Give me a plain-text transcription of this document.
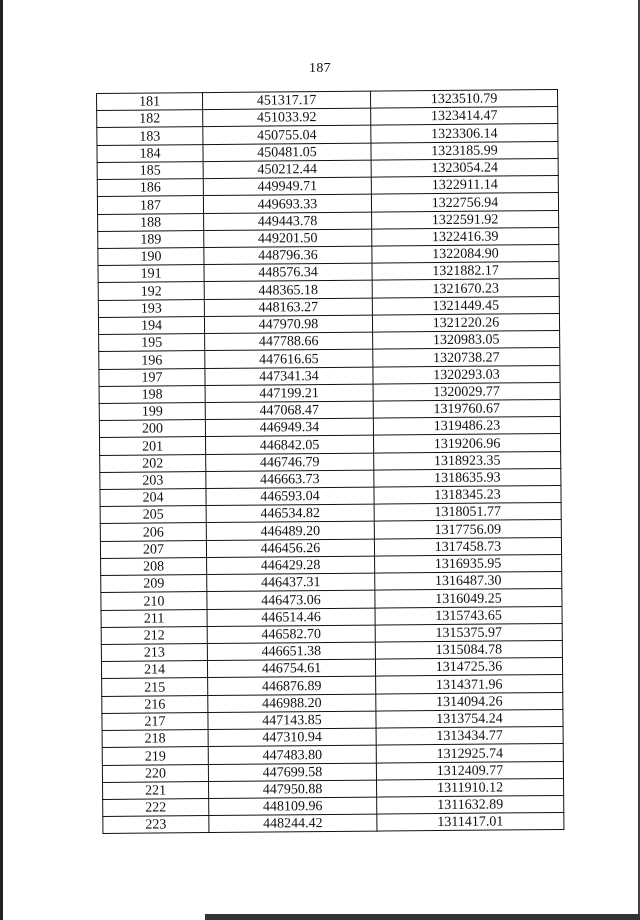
187
181	451317.17	1323510.79
182	451033.92	1323414.47
183	450755.04	1323306.14
184	450481.05	1323185.99
185	450212.44	1323054.24
186	449949.71	1322911.14
187	449693.33	1322756.94
188	449443.78	1322591.92
189	449201.50	1322416.39
190	448796.36	1322084.90
191	448576.34	1321882.17
192	448365.18	1321670.23
193	448163.27	1321449.45
194	447970.98	1321220.26
195	447788.66	1320983.05
196	447616.65	1320738.27
197	447341.34	1320293.03
198	447199.21	1320029.77
199	447068.47	1319760.67
200	446949.34	1319486.23
201	446842.05	1319206.96
202	446746.79	1318923.35
203	446663.73	1318635.93
204	446593.04	1318345.23
205	446534.82	1318051.77
206	446489.20	1317756.09
207	446456.26	1317458.73
208	446429.28	1316935.95
209	446437.31	1316487.30
210	446473.06	1316049.25
211	446514.46	1315743.65
212	446582.70	1315375.97
213	446651.38	1315084.78
214	446754.61	1314725.36
215	446876.89	1314371.96
216	446988.20	1314094.26
217	447143.85	1313754.24
218	447310.94	1313434.77
219	447483.80	1312925.74
220	447699.58	1312409.77
221	447950.88	1311910.12
222	448109.96	1311632.89
223	448244.42	1311417.01
